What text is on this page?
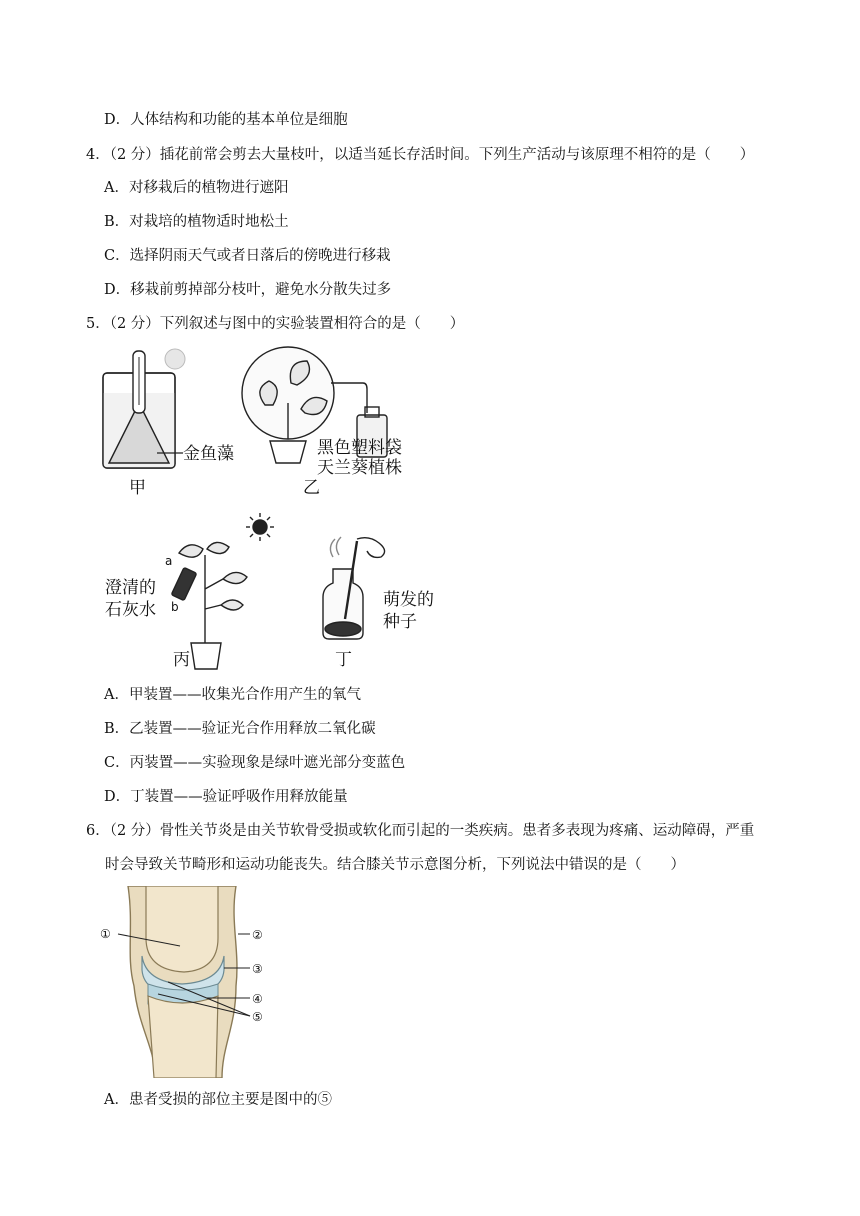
D．人体结构和功能的基本单位是细胞
4．（2 分）插花前常会剪去大量枝叶，以适当延长存活时间。下列生产活动与该原理不相符的是（　　）
A．对移栽后的植物进行遮阳
B．对栽培的植物适时地松土
C．选择阴雨天气或者日落后的傍晚进行移栽
D．移栽前剪掉部分枝叶，避免水分散失过多
5．（2 分）下列叙述与图中的实验装置相符合的是（　　）
金鱼藻
甲
黑色塑料袋
天兰葵植株
乙
a
b
澄清的
石灰水
丙
萌发的
种子
丁
A．甲装置——收集光合作用产生的氧气
B．乙装置——验证光合作用释放二氧化碳
C．丙装置——实验现象是绿叶遮光部分变蓝色
D．丁装置——验证呼吸作用释放能量
6．（2 分）骨性关节炎是由关节软骨受损或软化而引起的一类疾病。患者多表现为疼痛、运动障碍，严重
时会导致关节畸形和运动功能丧失。结合膝关节示意图分析，下列说法中错误的是（　　）
①	②
③
④
⑤
A．患者受损的部位主要是图中的⑤
